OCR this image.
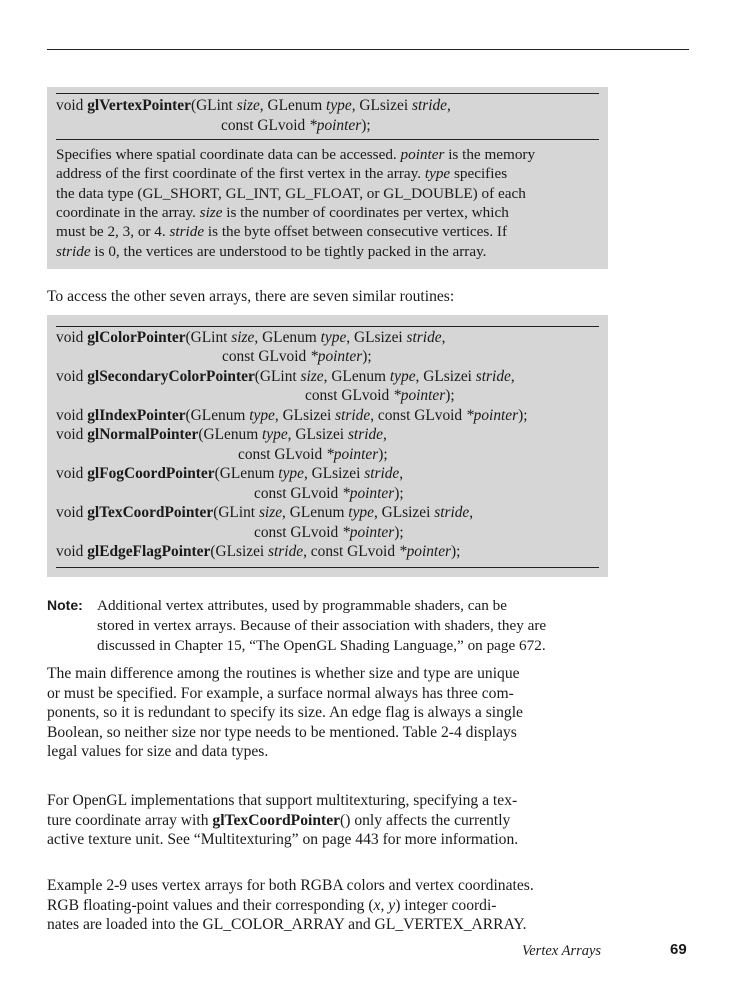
void glVertexPointer(GLint size, GLenum type, GLsizei stride,
const GLvoid *pointer);
Specifies where spatial coordinate data can be accessed. pointer is the memory
address of the first coordinate of the first vertex in the array. type specifies
the data type (GL_SHORT, GL_INT, GL_FLOAT, or GL_DOUBLE) of each
coordinate in the array. size is the number of coordinates per vertex, which
must be 2, 3, or 4. stride is the byte offset between consecutive vertices. If
stride is 0, the vertices are understood to be tightly packed in the array.
To access the other seven arrays, there are seven similar routines:
void glColorPointer(GLint size, GLenum type, GLsizei stride,
const GLvoid *pointer);
void glSecondaryColorPointer(GLint size, GLenum type, GLsizei stride,
const GLvoid *pointer);
void glIndexPointer(GLenum type, GLsizei stride, const GLvoid *pointer);
void glNormalPointer(GLenum type, GLsizei stride,
const GLvoid *pointer);
void glFogCoordPointer(GLenum type, GLsizei stride,
const GLvoid *pointer);
void glTexCoordPointer(GLint size, GLenum type, GLsizei stride,
const GLvoid *pointer);
void glEdgeFlagPointer(GLsizei stride, const GLvoid *pointer);
Note: Additional vertex attributes, used by programmable shaders, can be
stored in vertex arrays. Because of their association with shaders, they are
discussed in Chapter 15, “The OpenGL Shading Language,” on page 672.
The main difference among the routines is whether size and type are unique
or must be specified. For example, a surface normal always has three com-
ponents, so it is redundant to specify its size. An edge flag is always a single
Boolean, so neither size nor type needs to be mentioned. Table 2-4 displays
legal values for size and data types.
For OpenGL implementations that support multitexturing, specifying a tex-
ture coordinate array with glTexCoordPointer() only affects the currently
active texture unit. See “Multitexturing” on page 443 for more information.
Example 2-9 uses vertex arrays for both RGBA colors and vertex coordinates.
RGB floating-point values and their corresponding (x, y) integer coordi-
nates are loaded into the GL_COLOR_ARRAY and GL_VERTEX_ARRAY.
Vertex Arrays	69
